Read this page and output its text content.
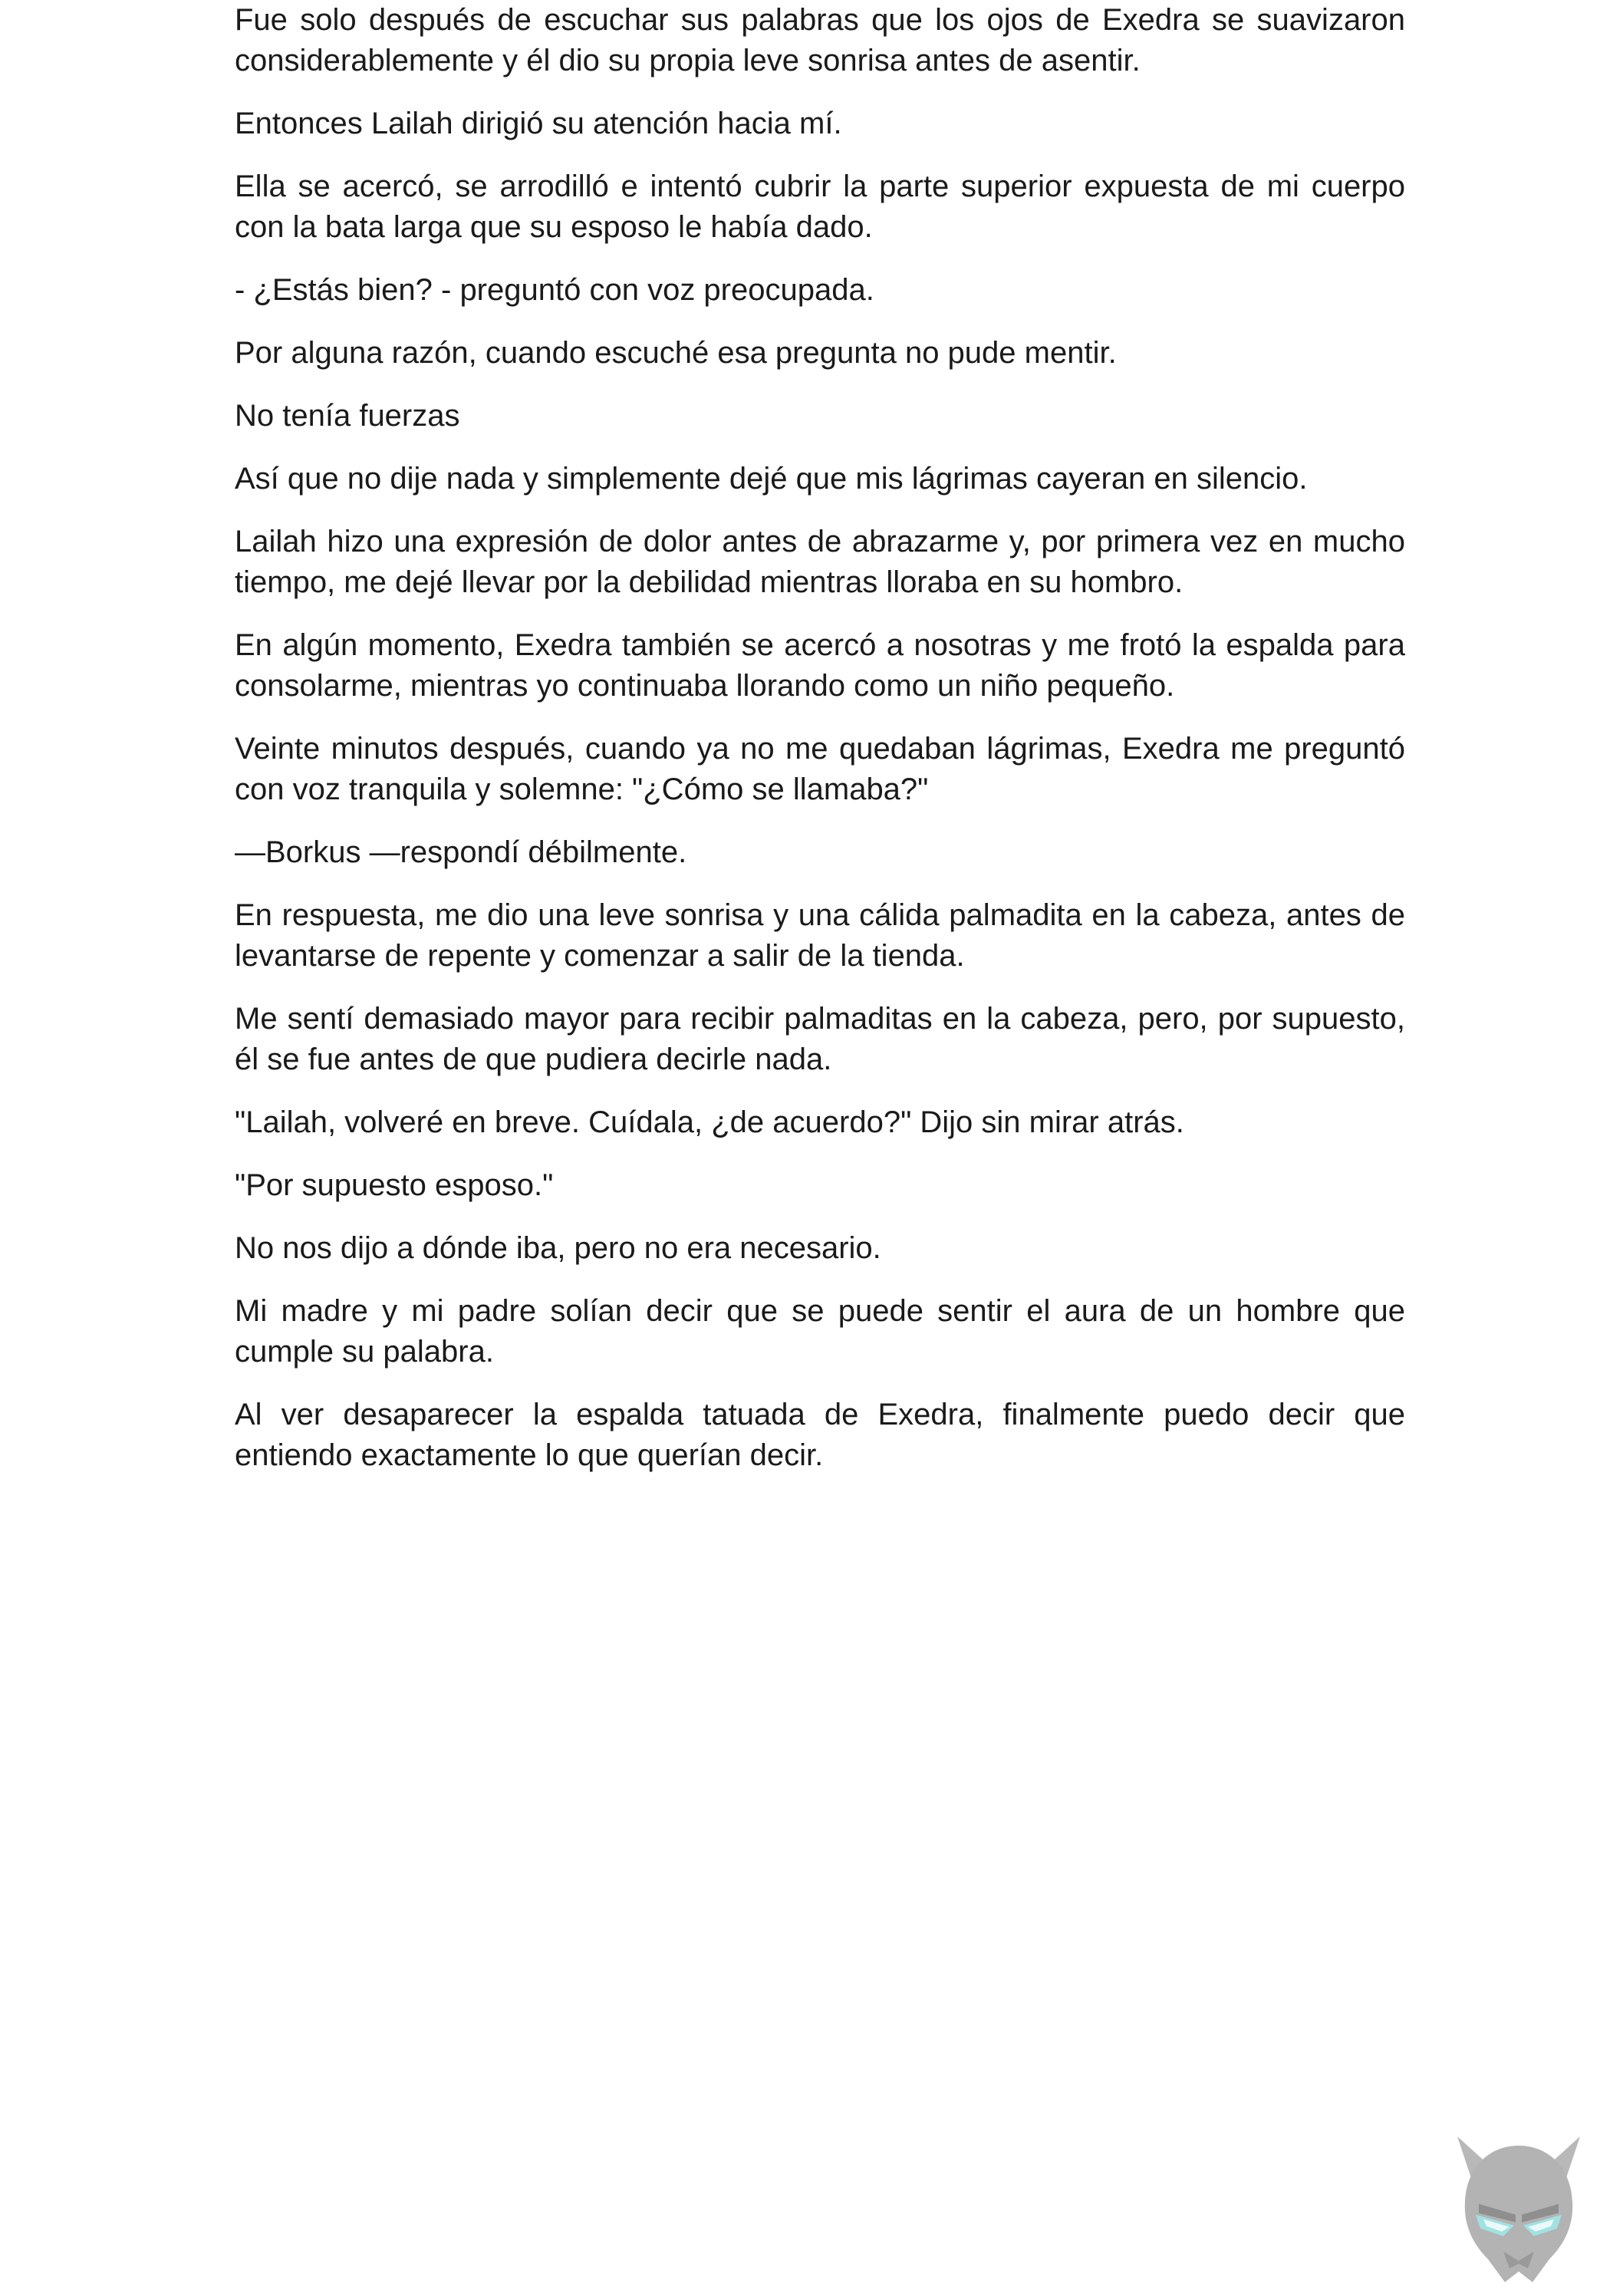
Fue solo después de escuchar sus palabras que los ojos de Exedra se suavizaron considerablemente y él dio su propia leve sonrisa antes de asentir.

Entonces Lailah dirigió su atención hacia mí.

Ella se acercó, se arrodilló e intentó cubrir la parte superior expuesta de mi cuerpo con la bata larga que su esposo le había dado.

- ¿Estás bien? - preguntó con voz preocupada.

Por alguna razón, cuando escuché esa pregunta no pude mentir.

No tenía fuerzas

Así que no dije nada y simplemente dejé que mis lágrimas cayeran en silencio.

Lailah hizo una expresión de dolor antes de abrazarme y, por primera vez en mucho tiempo, me dejé llevar por la debilidad mientras lloraba en su hombro.

En algún momento, Exedra también se acercó a nosotras y me frotó la espalda para consolarme, mientras yo continuaba llorando como un niño pequeño.

Veinte minutos después, cuando ya no me quedaban lágrimas, Exedra me preguntó con voz tranquila y solemne: "¿Cómo se llamaba?"

—Borkus —respondí débilmente.

En respuesta, me dio una leve sonrisa y una cálida palmadita en la cabeza, antes de levantarse de repente y comenzar a salir de la tienda.

Me sentí demasiado mayor para recibir palmaditas en la cabeza, pero, por supuesto, él se fue antes de que pudiera decirle nada.

"Lailah, volveré en breve. Cuídala, ¿de acuerdo?" Dijo sin mirar atrás.

"Por supuesto esposo."

No nos dijo a dónde iba, pero no era necesario.

Mi madre y mi padre solían decir que se puede sentir el aura de un hombre que cumple su palabra.

Al ver desaparecer la espalda tatuada de Exedra, finalmente puedo decir que entiendo exactamente lo que querían decir.
